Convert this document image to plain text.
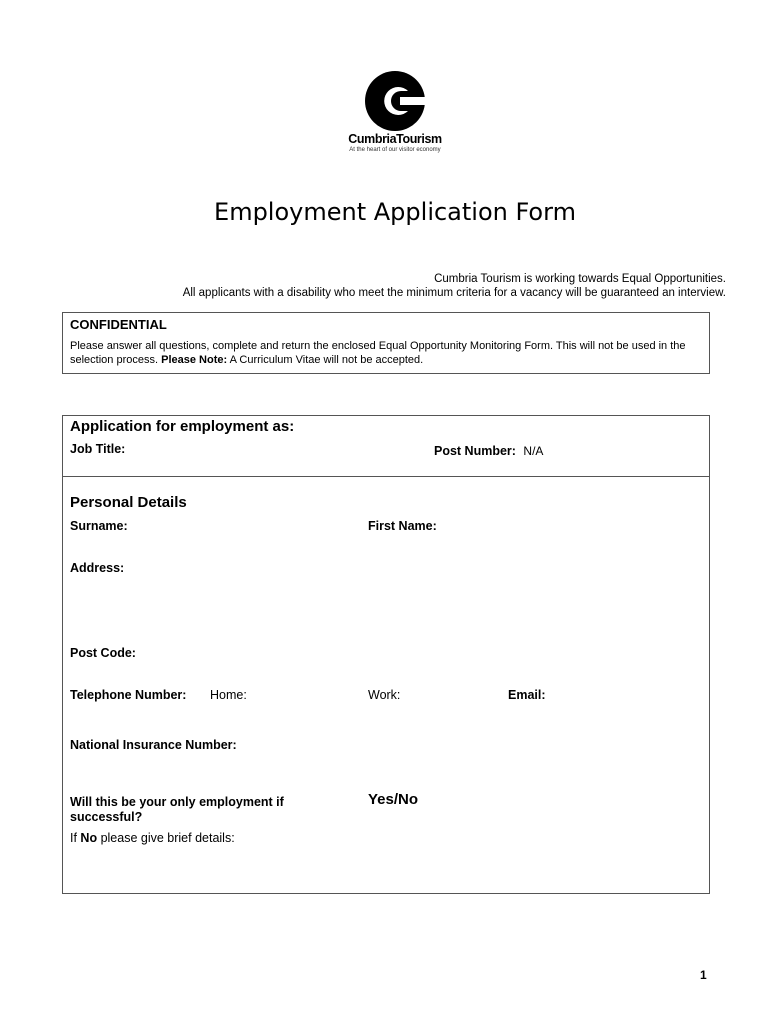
CumbriaTourism
At the heart of our visitor economy
Employment Application Form
Cumbria Tourism is working towards Equal Opportunities.
All applicants with a disability who meet the minimum criteria for a vacancy will be guaranteed an interview.
CONFIDENTIAL
Please answer all questions, complete and return the enclosed Equal Opportunity Monitoring Form. This will not be used in the selection process. Please Note: A Curriculum Vitae will not be accepted.
Application for employment as:
Job Title:	Post Number: N/A
Personal Details
Surname:	First Name:
Address:
Post Code:
Telephone Number: Home:	Work:	Email:
National Insurance Number:
Will this be your only employment if successful?
Yes/No
If No please give brief details:
1
